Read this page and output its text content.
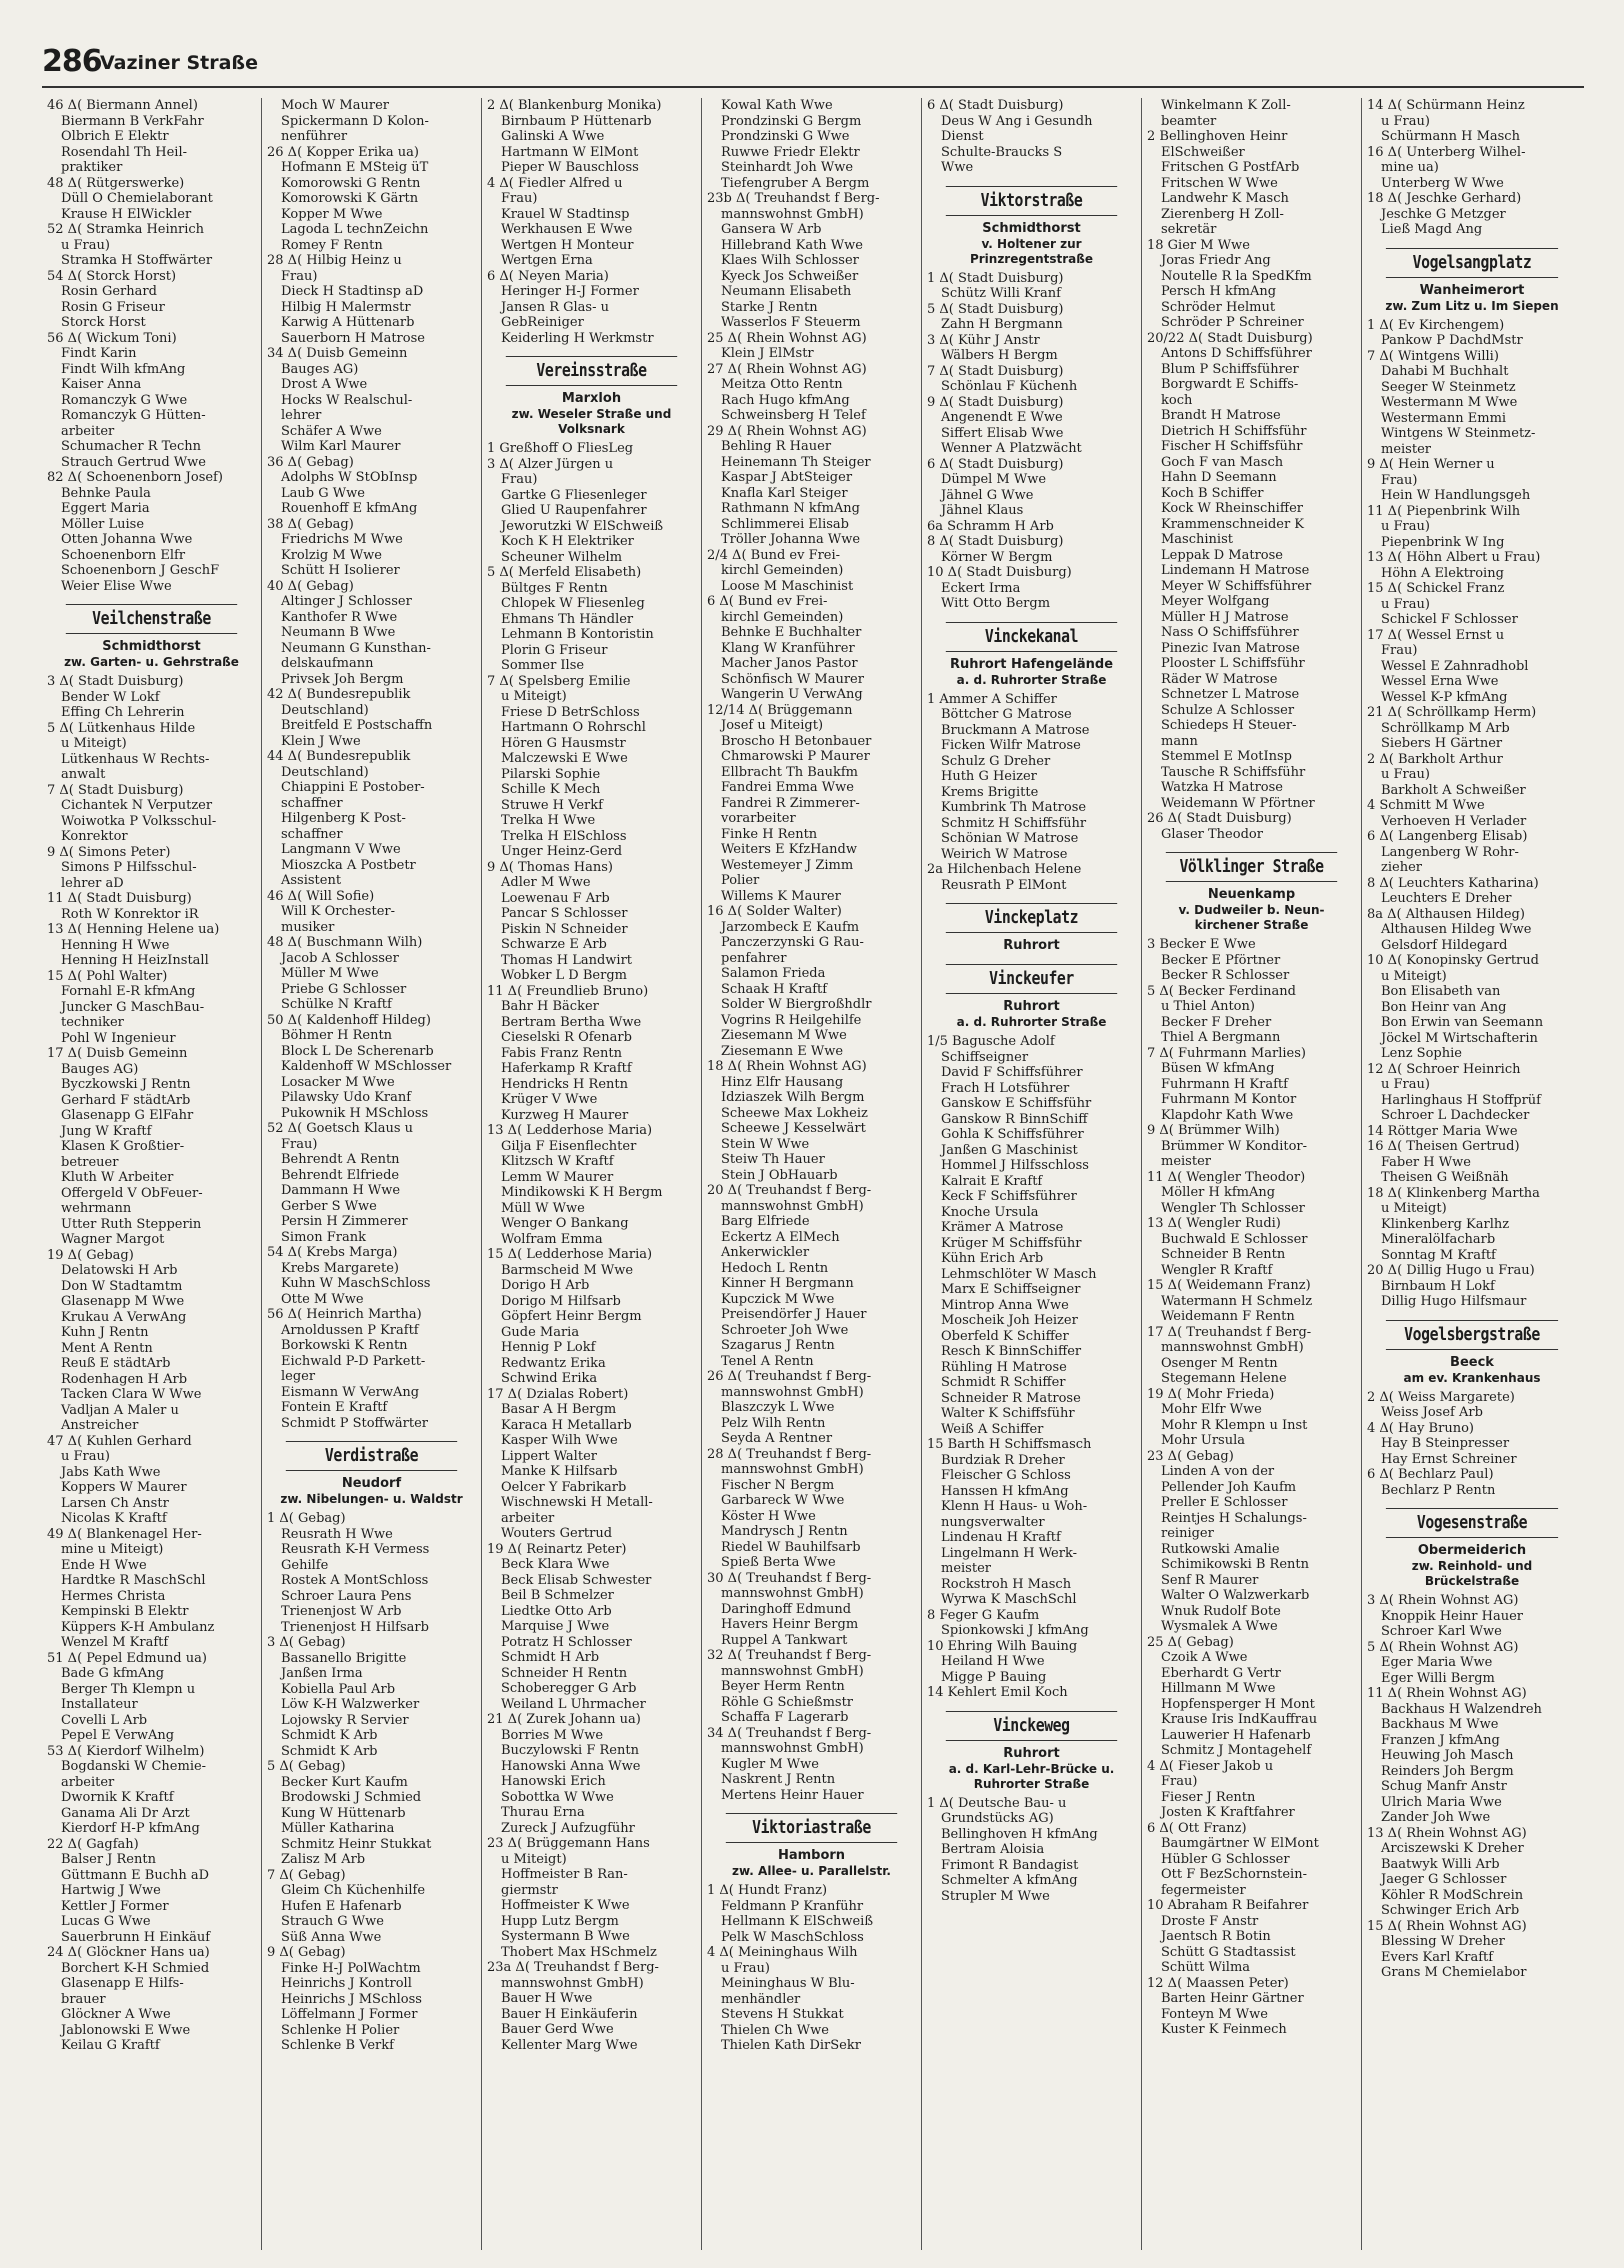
286
Vaziner Straße
46 Δ( Biermann Annel)
Biermann B VerkFahr
Olbrich E Elektr
Rosendahl Th Heil-
praktiker
48 Δ( Rütgerswerke)
Düll O Chemielaborant
Krause H ElWickler
52 Δ( Stramka Heinrich
u Frau)
Stramka H Stoffwärter
54 Δ( Storck Horst)
Rosin Gerhard
Rosin G Friseur
Storck Horst
56 Δ( Wickum Toni)
Findt Karin
Findt Wilh kfmAng
Kaiser Anna
Romanczyk G Wwe
Romanczyk G Hütten-
arbeiter
Schumacher R Techn
Strauch Gertrud Wwe
82 Δ( Schoenenborn Josef)
Behnke Paula
Eggert Maria
Möller Luise
Otten Johanna Wwe
Schoenenborn Elfr
Schoenenborn J GeschF
Weier Elise Wwe
Veilchenstraße
Schmidthorst
zw. Garten- u. Gehrstraße
3 Δ( Stadt Duisburg)
Bender W Lokf
Effing Ch Lehrerin
5 Δ( Lütkenhaus Hilde
u Miteigt)
Lütkenhaus W Rechts-
anwalt
7 Δ( Stadt Duisburg)
Cichantek N Verputzer
Woiwotka P Volksschul-
Konrektor
9 Δ( Simons Peter)
Simons P Hilfsschul-
lehrer aD
11 Δ( Stadt Duisburg)
Roth W Konrektor iR
13 Δ( Henning Helene ua)
Henning H Wwe
Henning H HeizInstall
15 Δ( Pohl Walter)
Fornahl E-R kfmAng
Juncker G MaschBau-
techniker
Pohl W Ingenieur
17 Δ( Duisb Gemeinn
Bauges AG)
Byczkowski J Rentn
Gerhard F städtArb
Glasenapp G ElFahr
Jung W Kraftf
Klasen K Großtier-
betreuer
Kluth W Arbeiter
Offergeld V ObFeuer-
wehrmann
Utter Ruth Stepperin
Wagner Margot
19 Δ( Gebag)
Delatowski H Arb
Don W Stadtamtm
Glasenapp M Wwe
Krukau A VerwAng
Kuhn J Rentn
Ment A Rentn
Reuß E städtArb
Rodenhagen H Arb
Tacken Clara W Wwe
Vadljan A Maler u
Anstreicher
47 Δ( Kuhlen Gerhard
u Frau)
Jabs Kath Wwe
Koppers W Maurer
Larsen Ch Anstr
Nicolas K Kraftf
49 Δ( Blankenagel Her-
mine u Miteigt)
Ende H Wwe
Hardtke R MaschSchl
Hermes Christa
Kempinski B Elektr
Küppers K-H Ambulanz
Wenzel M Kraftf
51 Δ( Pepel Edmund ua)
Bade G kfmAng
Berger Th Klempn u
Installateur
Covelli L Arb
Pepel E VerwAng
53 Δ( Kierdorf Wilhelm)
Bogdanski W Chemie-
arbeiter
Dwornik K Kraftf
Ganama Ali Dr Arzt
Kierdorf H-P kfmAng
22 Δ( Gagfah)
Balser J Rentn
Güttmann E Buchh aD
Hartwig J Wwe
Kettler J Former
Lucas G Wwe
Sauerbrunn H Einkäuf
24 Δ( Glöckner Hans ua)
Borchert K-H Schmied
Glasenapp E Hilfs-
brauer
Glöckner A Wwe
Jablonowski E Wwe
Keilau G Kraftf
Moch W Maurer
Spickermann D Kolon-
nenführer
26 Δ( Kopper Erika ua)
Hofmann E MSteig üT
Komorowski G Rentn
Komorowski K Gärtn
Kopper M Wwe
Lagoda L technZeichn
Romey F Rentn
28 Δ( Hilbig Heinz u
Frau)
Dieck H Stadtinsp aD
Hilbig H Malermstr
Karwig A Hüttenarb
Sauerborn H Matrose
34 Δ( Duisb Gemeinn
Bauges AG)
Drost A Wwe
Hocks W Realschul-
lehrer
Schäfer A Wwe
Wilm Karl Maurer
36 Δ( Gebag)
Adolphs W StObInsp
Laub G Wwe
Rouenhoff E kfmAng
38 Δ( Gebag)
Friedrichs M Wwe
Krolzig M Wwe
Schütt H Isolierer
40 Δ( Gebag)
Altinger J Schlosser
Kanthofer R Wwe
Neumann B Wwe
Neumann G Kunsthan-
delskaufmann
Privsek Joh Bergm
42 Δ( Bundesrepublik
Deutschland)
Breitfeld E Postschaffn
Klein J Wwe
44 Δ( Bundesrepublik
Deutschland)
Chiappini E Postober-
schaffner
Hilgenberg K Post-
schaffner
Langmann V Wwe
Mioszcka A Postbetr
Assistent
46 Δ( Will Sofie)
Will K Orchester-
musiker
48 Δ( Buschmann Wilh)
Jacob A Schlosser
Müller M Wwe
Priebe G Schlosser
Schülke N Kraftf
50 Δ( Kaldenhoff Hildeg)
Böhmer H Rentn
Block L De Scherenarb
Kaldenhoff W MSchlosser
Losacker M Wwe
Pilawsky Udo Kranf
Pukownik H MSchloss
52 Δ( Goetsch Klaus u
Frau)
Behrendt A Rentn
Behrendt Elfriede
Dammann H Wwe
Gerber S Wwe
Persin H Zimmerer
Simon Frank
54 Δ( Krebs Marga)
Krebs Margarete)
Kuhn W MaschSchloss
Otte M Wwe
56 Δ( Heinrich Martha)
Arnoldussen P Kraftf
Borkowski K Rentn
Eichwald P-D Parkett-
leger
Eismann W VerwAng
Fontein E Kraftf
Schmidt P Stoffwärter
Verdistraße
Neudorf
zw. Nibelungen- u. Waldstr
1 Δ( Gebag)
Reusrath H Wwe
Reusrath K-H Vermess
Gehilfe
Rostek A MontSchloss
Schroer Laura Pens
Trienenjost W Arb
Trienenjost H Hilfsarb
3 Δ( Gebag)
Bassanello Brigitte
Janßen Irma
Kobiella Paul Arb
Löw K-H Walzwerker
Lojowsky R Servier
Schmidt K Arb
Schmidt K Arb
5 Δ( Gebag)
Becker Kurt Kaufm
Brodowski J Schmied
Kung W Hüttenarb
Müller Katharina
Schmitz Heinr Stukkat
Zalisz M Arb
7 Δ( Gebag)
Gleim Ch Küchenhilfe
Hufen E Hafenarb
Strauch G Wwe
Süß Anna Wwe
9 Δ( Gebag)
Finke H-J PolWachtm
Heinrichs J Kontroll
Heinrichs J MSchloss
Löffelmann J Former
Schlenke H Polier
Schlenke B Verkf
2 Δ( Blankenburg Monika)
Birnbaum P Hüttenarb
Galinski A Wwe
Hartmann W ElMont
Pieper W Bauschloss
4 Δ( Fiedler Alfred u
Frau)
Krauel W Stadtinsp
Werkhausen E Wwe
Wertgen H Monteur
Wertgen Erna
6 Δ( Neyen Maria)
Heringer H-J Former
Jansen R Glas- u
GebReiniger
Keiderling H Werkmstr
Vereinsstraße
Marxloh
zw. Weseler Straße und Volksnark
1 Greßhoff O FliesLeg
3 Δ( Alzer Jürgen u
Frau)
Gartke G Fliesenleger
Glied U Raupenfahrer
Jeworutzki W ElSchweiß
Koch K H Elektriker
Scheuner Wilhelm
5 Δ( Merfeld Elisabeth)
Bültges F Rentn
Chlopek W Fliesenleg
Ehmans Th Händler
Lehmann B Kontoristin
Plorin G Friseur
Sommer Ilse
7 Δ( Spelsberg Emilie
u Miteigt)
Friese D BetrSchloss
Hartmann O Rohrschl
Hören G Hausmstr
Malczewski E Wwe
Pilarski Sophie
Schille K Mech
Struwe H Verkf
Trelka H Wwe
Trelka H ElSchloss
Unger Heinz-Gerd
9 Δ( Thomas Hans)
Adler M Wwe
Loewenau F Arb
Pancar S Schlosser
Piskin N Schneider
Schwarze E Arb
Thomas H Landwirt
Wobker L D Bergm
11 Δ( Freundlieb Bruno)
Bahr H Bäcker
Bertram Bertha Wwe
Cieselski R Ofenarb
Fabis Franz Rentn
Haferkamp R Kraftf
Hendricks H Rentn
Krüger V Wwe
Kurzweg H Maurer
13 Δ( Ledderhose Maria)
Gilja F Eisenflechter
Klitzsch W Kraftf
Lemm W Maurer
Mindikowski K H Bergm
Müll W Wwe
Wenger O Bankang
Wolfram Emma
15 Δ( Ledderhose Maria)
Barmscheid M Wwe
Dorigo H Arb
Dorigo M Hilfsarb
Göpfert Heinr Bergm
Gude Maria
Hennig P Lokf
Redwantz Erika
Schwind Erika
17 Δ( Dzialas Robert)
Basar A H Bergm
Karaca H Metallarb
Kasper Wilh Wwe
Lippert Walter
Manke K Hilfsarb
Oelcer Y Fabrikarb
Wischnewski H Metall-
arbeiter
Wouters Gertrud
19 Δ( Reinartz Peter)
Beck Klara Wwe
Beck Elisab Schwester
Beil B Schmelzer
Liedtke Otto Arb
Marquise J Wwe
Potratz H Schlosser
Schmidt H Arb
Schneider H Rentn
Schoberegger G Arb
Weiland L Uhrmacher
21 Δ( Zurek Johann ua)
Borries M Wwe
Buczylowski F Rentn
Hanowski Anna Wwe
Hanowski Erich
Sobottka W Wwe
Thurau Erna
Zureck J Aufzugführ
23 Δ( Brüggemann Hans
u Miteigt)
Hoffmeister B Ran-
giermstr
Hoffmeister K Wwe
Hupp Lutz Bergm
Systermann B Wwe
Thobert Max HSchmelz
23a Δ( Treuhandst f Berg-
mannswohnst GmbH)
Bauer H Wwe
Bauer H Einkäuferin
Bauer Gerd Wwe
Kellenter Marg Wwe
Kowal Kath Wwe
Prondzinski G Bergm
Prondzinski G Wwe
Ruwwe Friedr Elektr
Steinhardt Joh Wwe
Tiefengruber A Bergm
23b Δ( Treuhandst f Berg-
mannswohnst GmbH)
Gansera W Arb
Hillebrand Kath Wwe
Klaes Wilh Schlosser
Kyeck Jos Schweißer
Neumann Elisabeth
Starke J Rentn
Wasserlos F Steuerm
25 Δ( Rhein Wohnst AG)
Klein J ElMstr
27 Δ( Rhein Wohnst AG)
Meitza Otto Rentn
Rach Hugo kfmAng
Schweinsberg H Telef
29 Δ( Rhein Wohnst AG)
Behling R Hauer
Heinemann Th Steiger
Kaspar J AbtSteiger
Knafla Karl Steiger
Rathmann N kfmAng
Schlimmerei Elisab
Tröller Johanna Wwe
2/4 Δ( Bund ev Frei-
kirchl Gemeinden)
Loose M Maschinist
6 Δ( Bund ev Frei-
kirchl Gemeinden)
Behnke E Buchhalter
Klang W Kranführer
Macher Janos Pastor
Schönfisch W Maurer
Wangerin U VerwAng
12/14 Δ( Brüggemann
Josef u Miteigt)
Broscho H Betonbauer
Chmarowski P Maurer
Ellbracht Th Baukfm
Fandrei Emma Wwe
Fandrei R Zimmerer-
vorarbeiter
Finke H Rentn
Weiters E KfzHandw
Westemeyer J Zimm
Polier
Willems K Maurer
16 Δ( Solder Walter)
Jarzombeck E Kaufm
Panczerzynski G Rau-
penfahrer
Salamon Frieda
Schaak H Kraftf
Solder W Biergroßhdlr
Vogrins R Heilgehilfe
Ziesemann M Wwe
Ziesemann E Wwe
18 Δ( Rhein Wohnst AG)
Hinz Elfr Hausang
Idziaszek Wilh Bergm
Scheewe Max Lokheiz
Scheewe J Kesselwärt
Stein W Wwe
Steiw Th Hauer
Stein J ObHauarb
20 Δ( Treuhandst f Berg-
mannswohnst GmbH)
Barg Elfriede
Eckertz A ElMech
Ankerwickler
Hedoch L Rentn
Kinner H Bergmann
Kupczick M Wwe
Preisendörfer J Hauer
Schroeter Joh Wwe
Szagarus J Rentn
Tenel A Rentn
26 Δ( Treuhandst f Berg-
mannswohnst GmbH)
Blaszczyk L Wwe
Pelz Wilh Rentn
Seyda A Rentner
28 Δ( Treuhandst f Berg-
mannswohnst GmbH)
Fischer N Bergm
Garbareck W Wwe
Köster H Wwe
Mandrysch J Rentn
Riedel W Bauhilfsarb
Spieß Berta Wwe
30 Δ( Treuhandst f Berg-
mannswohnst GmbH)
Daringhoff Edmund
Havers Heinr Bergm
Ruppel A Tankwart
32 Δ( Treuhandst f Berg-
mannswohnst GmbH)
Beyer Herm Rentn
Röhle G Schießmstr
Schaffa F Lagerarb
34 Δ( Treuhandst f Berg-
mannswohnst GmbH)
Kugler M Wwe
Naskrent J Rentn
Mertens Heinr Hauer
Viktoriastraße
Hamborn
zw. Allee- u. Parallelstr.
1 Δ( Hundt Franz)
Feldmann P Kranführ
Hellmann K ElSchweiß
Pelk W MaschSchloss
4 Δ( Meininghaus Wilh
u Frau)
Meininghaus W Blu-
menhändler
Stevens H Stukkat
Thielen Ch Wwe
Thielen Kath DirSekr
6 Δ( Stadt Duisburg)
Deus W Ang i Gesundh
Dienst
Schulte-Braucks S
Wwe
Viktorstraße
Schmidthorst
v. Holtener zur Prinzregentstraße
1 Δ( Stadt Duisburg)
Schütz Willi Kranf
5 Δ( Stadt Duisburg)
Zahn H Bergmann
3 Δ( Kühr J Anstr
Wälbers H Bergm
7 Δ( Stadt Duisburg)
Schönlau F Küchenh
9 Δ( Stadt Duisburg)
Angenendt E Wwe
Siffert Elisab Wwe
Wenner A Platzwächt
6 Δ( Stadt Duisburg)
Dümpel M Wwe
Jähnel G Wwe
Jähnel Klaus
6a Schramm H Arb
8 Δ( Stadt Duisburg)
Körner W Bergm
10 Δ( Stadt Duisburg)
Eckert Irma
Witt Otto Bergm
Vinckekanal
Ruhrort Hafengelände
a. d. Ruhrorter Straße
1 Ammer A Schiffer
Böttcher G Matrose
Bruckmann A Matrose
Ficken Wilfr Matrose
Schulz G Dreher
Huth G Heizer
Krems Brigitte
Kumbrink Th Matrose
Schmitz H Schiffsführ
Schönian W Matrose
Weirich W Matrose
2a Hilchenbach Helene
Reusrath P ElMont
Vinckeplatz
Ruhrort
Vinckeufer
Ruhrort
a. d. Ruhrorter Straße
1/5 Bagusche Adolf
Schiffseigner
David F Schiffsführer
Frach H Lotsführer
Ganskow E Schiffsführ
Ganskow R BinnSchiff
Gohla K Schiffsführer
Janßen G Maschinist
Hommel J Hilfsschloss
Kalrait E Kraftf
Keck F Schiffsführer
Knoche Ursula
Krämer A Matrose
Krüger M Schiffsführ
Kühn Erich Arb
Lehmschlöter W Masch
Marx E Schiffseigner
Mintrop Anna Wwe
Moscheik Joh Heizer
Oberfeld K Schiffer
Resch K BinnSchiffer
Rühling H Matrose
Schmidt R Schiffer
Schneider R Matrose
Walter K Schiffsführ
Weiß A Schiffer
15 Barth H Schiffsmasch
Burdziak R Dreher
Fleischer G Schloss
Hanssen H kfmAng
Klenn H Haus- u Woh-
nungsverwalter
Lindenau H Kraftf
Lingelmann H Werk-
meister
Rockstroh H Masch
Wyrwa K MaschSchl
8 Feger G Kaufm
Spionkowski J kfmAng
10 Ehring Wilh Bauing
Heiland H Wwe
Migge P Bauing
14 Kehlert Emil Koch
Vinckeweg
Ruhrort
a. d. Karl-Lehr-Brücke u. Ruhrorter Straße
1 Δ( Deutsche Bau- u
Grundstücks AG)
Bellinghoven H kfmAng
Bertram Aloisia
Frimont R Bandagist
Schmelter A kfmAng
Strupler M Wwe
Winkelmann K Zoll-
beamter
2 Bellinghoven Heinr
ElSchweißer
Fritschen G PostfArb
Fritschen W Wwe
Landwehr K Masch
Zierenberg H Zoll-
sekretär
18 Gier M Wwe
Joras Friedr Ang
Noutelle R la SpedKfm
Persch H kfmAng
Schröder Helmut
Schröder P Schreiner
20/22 Δ( Stadt Duisburg)
Antons D Schiffsführer
Blum P Schiffsführer
Borgwardt E Schiffs-
koch
Brandt H Matrose
Dietrich H Schiffsführ
Fischer H Schiffsführ
Goch F van Masch
Hahn D Seemann
Koch B Schiffer
Kock W Rheinschiffer
Krammenschneider K
Maschinist
Leppak D Matrose
Lindemann H Matrose
Meyer W Schiffsführer
Meyer Wolfgang
Müller H J Matrose
Nass O Schiffsführer
Pinezic Ivan Matrose
Plooster L Schiffsführ
Räder W Matrose
Schnetzer L Matrose
Schulze A Schlosser
Schiedeps H Steuer-
mann
Stemmel E MotInsp
Tausche R Schiffsführ
Watzka H Matrose
Weidemann W Pförtner
26 Δ( Stadt Duisburg)
Glaser Theodor
Völklinger Straße
Neuenkamp
v. Dudweiler b. Neun- kirchener Straße
3 Becker E Wwe
Becker E Pförtner
Becker R Schlosser
5 Δ( Becker Ferdinand
u Thiel Anton)
Becker F Dreher
Thiel A Bergmann
7 Δ( Fuhrmann Marlies)
Büsen W kfmAng
Fuhrmann H Kraftf
Fuhrmann M Kontor
Klapdohr Kath Wwe
9 Δ( Brümmer Wilh)
Brümmer W Konditor-
meister
11 Δ( Wengler Theodor)
Möller H kfmAng
Wengler Th Schlosser
13 Δ( Wengler Rudi)
Buchwald E Schlosser
Schneider B Rentn
Wengler R Kraftf
15 Δ( Weidemann Franz)
Watermann H Schmelz
Weidemann F Rentn
17 Δ( Treuhandst f Berg-
mannswohnst GmbH)
Osenger M Rentn
Stegemann Helene
19 Δ( Mohr Frieda)
Mohr Elfr Wwe
Mohr R Klempn u Inst
Mohr Ursula
23 Δ( Gebag)
Linden A von der
Pellender Joh Kaufm
Preller E Schlosser
Reintjes H Schalungs-
reiniger
Rutkowski Amalie
Schimikowski B Rentn
Senf R Maurer
Walter O Walzwerkarb
Wnuk Rudolf Bote
Wysmalek A Wwe
25 Δ( Gebag)
Czoik A Wwe
Eberhardt G Vertr
Hillmann M Wwe
Hopfensperger H Mont
Krause Iris IndKauffrau
Lauwerier H Hafenarb
Schmitz J Montagehelf
4 Δ( Fieser Jakob u
Frau)
Fieser J Rentn
Josten K Kraftfahrer
6 Δ( Ott Franz)
Baumgärtner W ElMont
Hübler G Schlosser
Ott F BezSchornstein-
fegermeister
10 Abraham R Beifahrer
Droste F Anstr
Jaentsch R Botin
Schütt G Stadtassist
Schütt Wilma
12 Δ( Maassen Peter)
Barten Heinr Gärtner
Fonteyn M Wwe
Kuster K Feinmech
14 Δ( Schürmann Heinz
u Frau)
Schürmann H Masch
16 Δ( Unterberg Wilhel-
mine ua)
Unterberg W Wwe
18 Δ( Jeschke Gerhard)
Jeschke G Metzger
Ließ Magd Ang
Vogelsangplatz
Wanheimerort
zw. Zum Litz u. Im Siepen
1 Δ( Ev Kirchengem)
Pankow P DachdMstr
7 Δ( Wintgens Willi)
Dahabi M Buchhalt
Seeger W Steinmetz
Westermann M Wwe
Westermann Emmi
Wintgens W Steinmetz-
meister
9 Δ( Hein Werner u
Frau)
Hein W Handlungsgeh
11 Δ( Piepenbrink Wilh
u Frau)
Piepenbrink W Ing
13 Δ( Höhn Albert u Frau)
Höhn A Elektroing
15 Δ( Schickel Franz
u Frau)
Schickel F Schlosser
17 Δ( Wessel Ernst u
Frau)
Wessel E Zahnradhobl
Wessel Erna Wwe
Wessel K-P kfmAng
21 Δ( Schröllkamp Herm)
Schröllkamp M Arb
Siebers H Gärtner
2 Δ( Barkholt Arthur
u Frau)
Barkholt A Schweißer
4 Schmitt M Wwe
Verhoeven H Verlader
6 Δ( Langenberg Elisab)
Langenberg W Rohr-
zieher
8 Δ( Leuchters Katharina)
Leuchters E Dreher
8a Δ( Althausen Hildeg)
Althausen Hildeg Wwe
Gelsdorf Hildegard
10 Δ( Konopinsky Gertrud
u Miteigt)
Bon Elisabeth van
Bon Heinr van Ang
Bon Erwin van Seemann
Jöckel M Wirtschafterin
Lenz Sophie
12 Δ( Schroer Heinrich
u Frau)
Harlinghaus H Stoffprüf
Schroer L Dachdecker
14 Röttger Maria Wwe
16 Δ( Theisen Gertrud)
Faber H Wwe
Theisen G Weißnäh
18 Δ( Klinkenberg Martha
u Miteigt)
Klinkenberg Karlhz
Mineralölfacharb
Sonntag M Kraftf
20 Δ( Dillig Hugo u Frau)
Birnbaum H Lokf
Dillig Hugo Hilfsmaur
Vogelsbergstraße
Beeck
am ev. Krankenhaus
2 Δ( Weiss Margarete)
Weiss Josef Arb
4 Δ( Hay Bruno)
Hay B Steinpresser
Hay Ernst Schreiner
6 Δ( Bechlarz Paul)
Bechlarz P Rentn
Vogesenstraße
Obermeiderich
zw. Reinhold- und Brückelstraße
3 Δ( Rhein Wohnst AG)
Knoppik Heinr Hauer
Schroer Karl Wwe
5 Δ( Rhein Wohnst AG)
Eger Maria Wwe
Eger Willi Bergm
11 Δ( Rhein Wohnst AG)
Backhaus H Walzendreh
Backhaus M Wwe
Franzen J kfmAng
Heuwing Joh Masch
Reinders Joh Bergm
Schug Manfr Anstr
Ulrich Maria Wwe
Zander Joh Wwe
13 Δ( Rhein Wohnst AG)
Arciszewski K Dreher
Baatwyk Willi Arb
Jaeger G Schlosser
Köhler R ModSchrein
Schwinger Erich Arb
15 Δ( Rhein Wohnst AG)
Blessing W Dreher
Evers Karl Kraftf
Grans M Chemielabor
